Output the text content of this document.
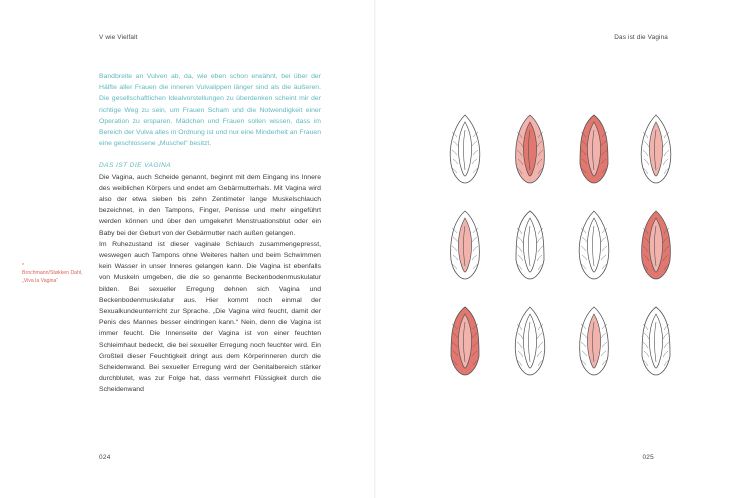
V wie Vielfalt
*
Brochmann/Støkken Dahl,
„Viva la Vagina“

Bandbreite an Vulven ab, da, wie eben schon erwähnt, bei über der Hälfte aller Frauen die inneren Vulvalippen länger sind als die äußeren. Die gesellschaftlichen Idealvorstellungen zu überdenken scheint mir der richtige Weg zu sein, um Frauen Scham und die Notwendigkeit einer Operation zu ersparen. Mädchen und Frauen sollen wissen, dass im Bereich der Vulva alles in Ordnung ist und nur eine Minderheit an Frauen eine geschlossene „Muschel“ besitzt.

DAS IST DIE VAGINA

Die Vagina, auch Scheide genannt, beginnt mit dem Eingang ins Innere des weiblichen Körpers und endet am Gebärmutterhals. Mit Vagina wird also der etwa sieben bis zehn Zentimeter lange Muskelschlauch bezeichnet, in den Tampons, Finger, Penisse und mehr eingeführt werden können und über den umgekehrt Menstruationsblut oder ein Baby bei der Geburt von der Gebärmutter nach außen gelangen.

Im Ruhezustand ist dieser vaginale Schlauch zusammengepresst, weswegen auch Tampons ohne Weiteres halten und beim Schwimmen kein Wasser in unser Inneres gelangen kann. Die Vagina ist ebenfalls von Muskeln umgeben, die die so genannte Beckenbodenmuskulatur bilden. Bei sexueller Erregung dehnen sich Vagina und Beckenbodenmuskulatur aus. Hier kommt noch einmal der Sexualkundeunterricht zur Sprache. „Die Vagina wird feucht, damit der Penis des Mannes besser eindringen kann.“ Nein, denn die Vagina ist immer feucht. Die Innenseite der Vagina ist von einer feuchten Schleimhaut bedeckt, die bei sexueller Erregung noch feuchter wird. Ein Großteil dieser Feuchtigkeit dringt aus dem Körperinneren durch die Scheidenwand. Bei sexueller Erregung wird der Genitalbereich stärker durchblutet, was zur Folge hat, dass vermehrt Flüssigkeit durch die Scheidenwand

024
Das ist die Vagina
025
